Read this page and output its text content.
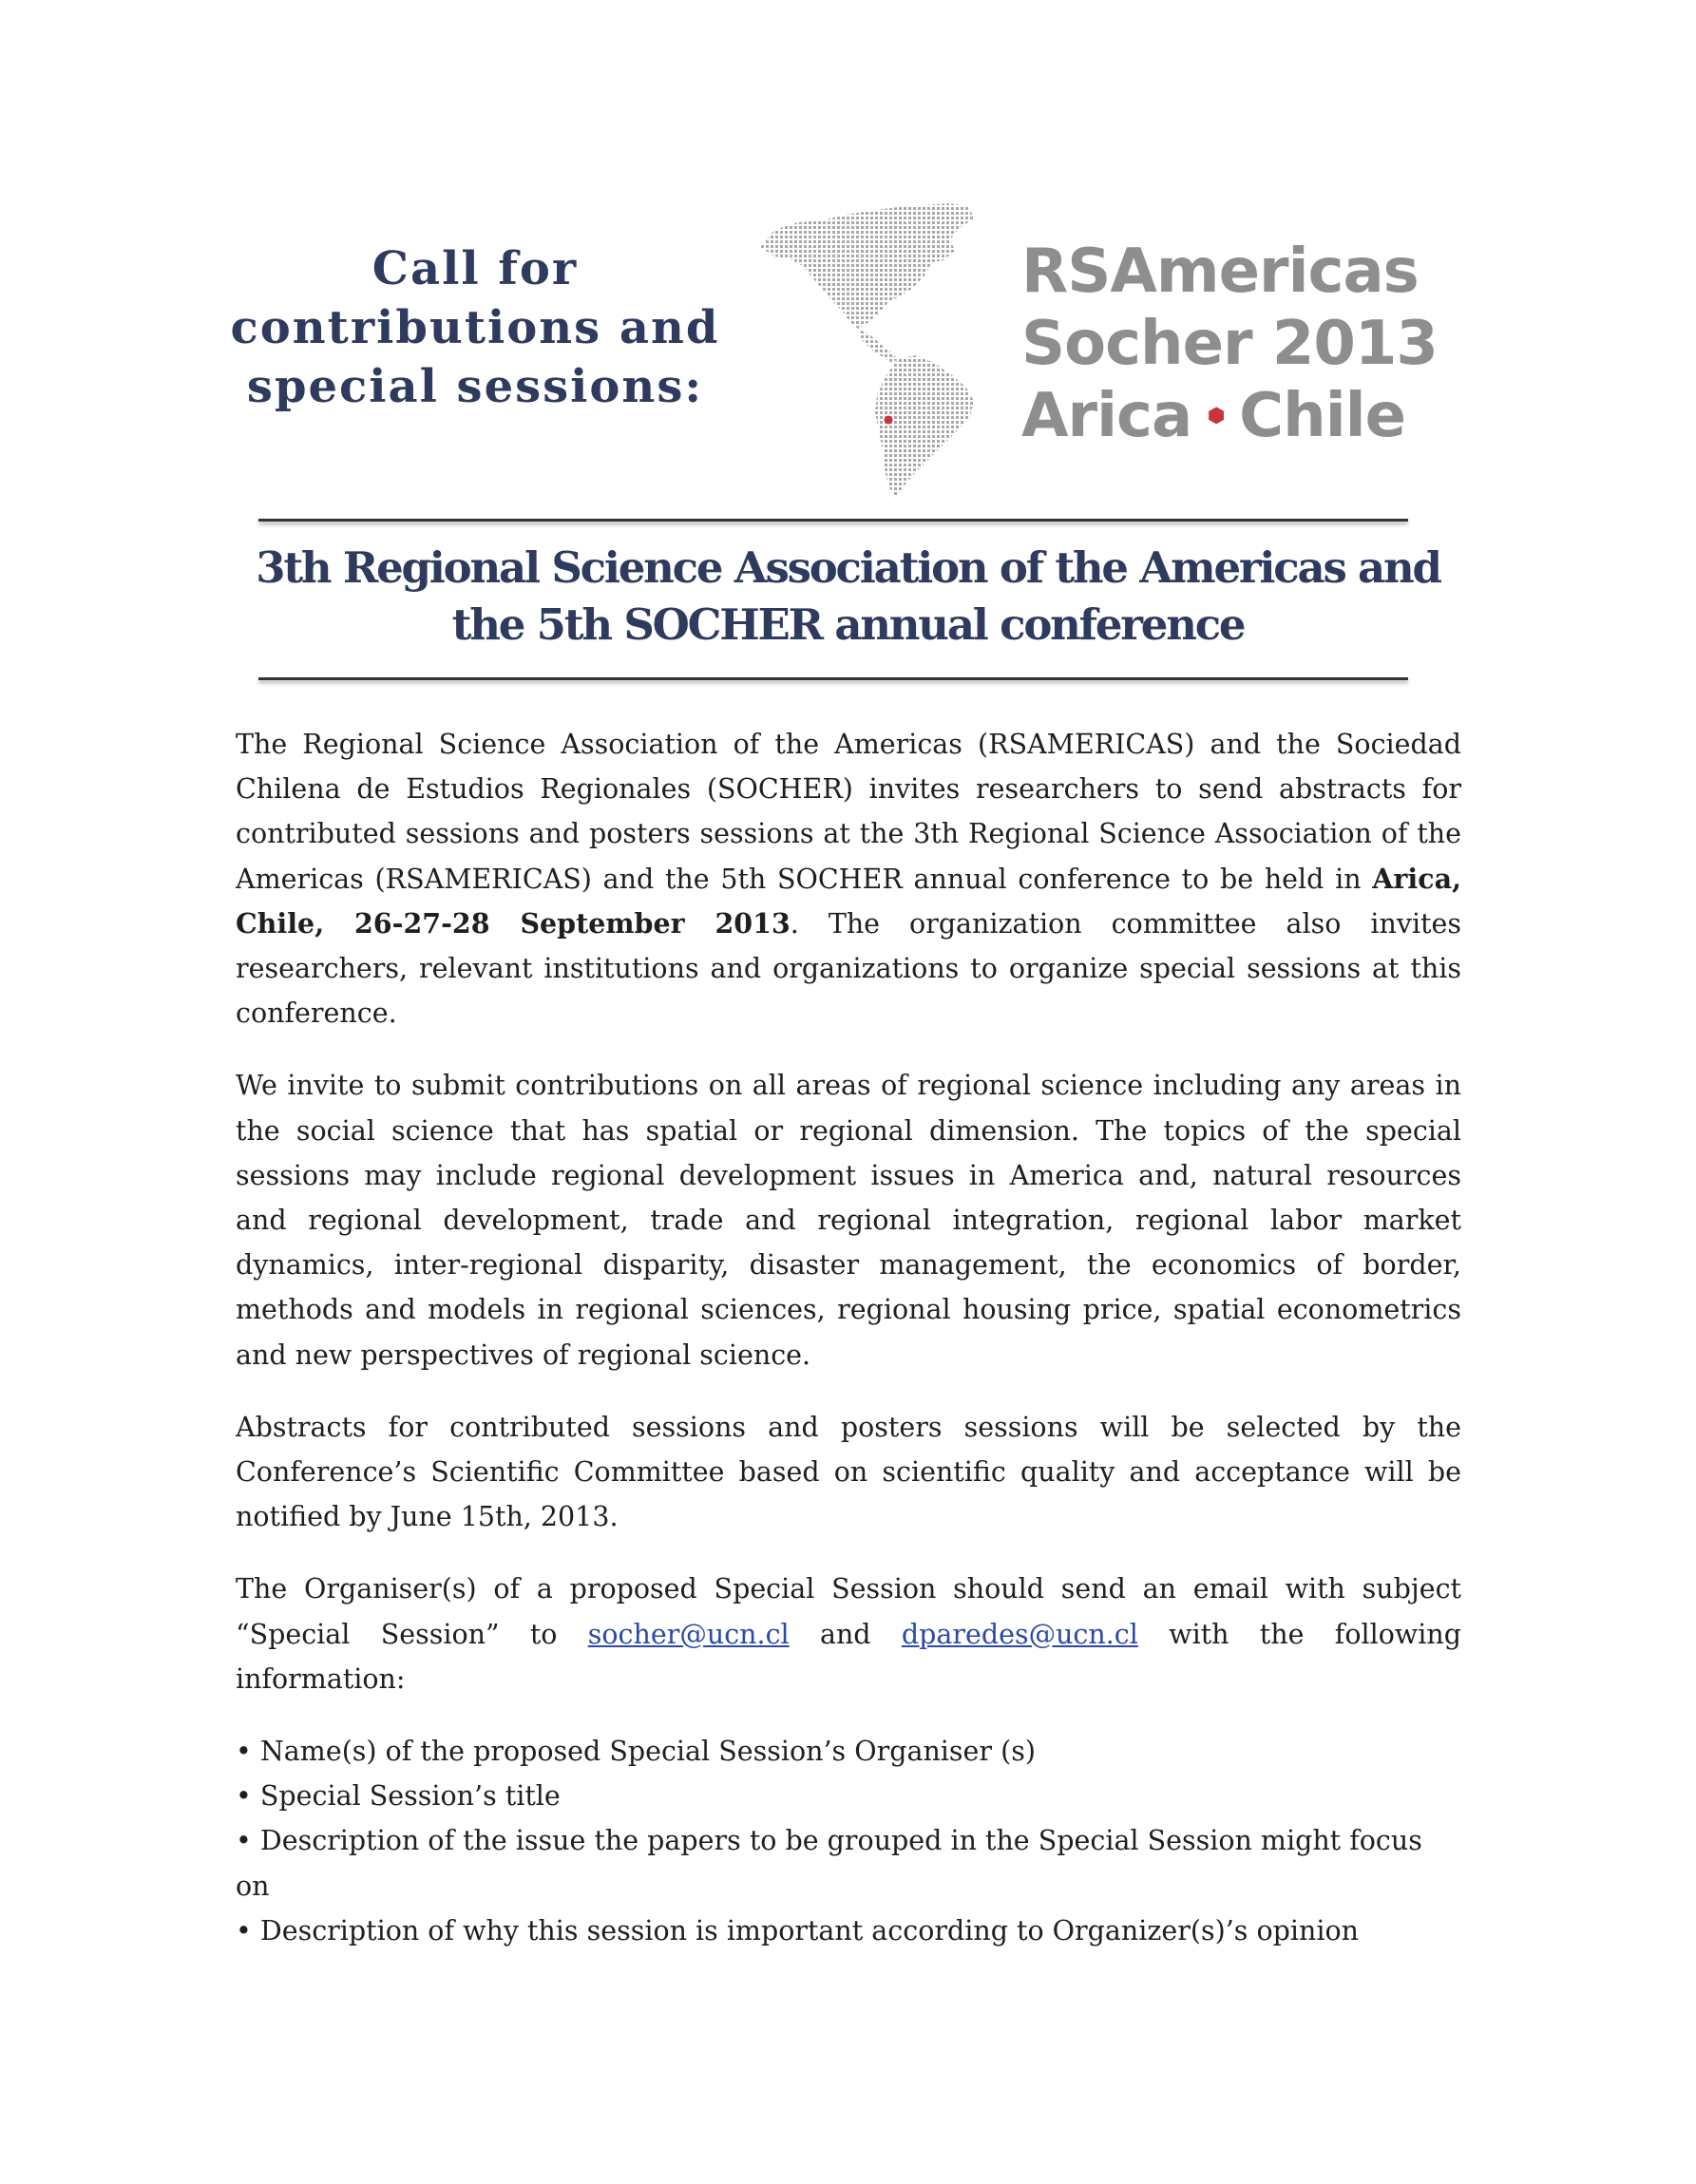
Call for
contributions and
special sessions:
RSAmericas
Socher 2013
Arica Chile
3th Regional Science Association of the Americas and
the 5th SOCHER annual conference

The Regional Science Association of the Americas (RSAMERICAS) and the Sociedad Chilena de Estudios Regionales (SOCHER) invites researchers to send abstracts for contributed sessions and posters sessions at the 3th Regional Science Association of the Americas (RSAMERICAS) and the 5th SOCHER annual conference to be held in Arica, Chile, 26-27-28 September 2013. The organization committee also invites researchers, relevant institutions and organizations to organize special sessions at this conference.

We invite to submit contributions on all areas of regional science including any areas in the social science that has spatial or regional dimension. The topics of the special sessions may include regional development issues in America and, natural resources and regional development, trade and regional integration, regional labor market dynamics, inter-regional disparity, disaster management, the economics of border, methods and models in regional sciences, regional housing price, spatial econometrics and new perspectives of regional science.

Abstracts for contributed sessions and posters sessions will be selected by the Conference’s Scientific Committee based on scientific quality and acceptance will be notified by June 15th, 2013.

The Organiser(s) of a proposed Special Session should send an email with subject “Special Session” to socher@ucn.cl and dparedes@ucn.cl with the following information:

• Name(s) of the proposed Special Session’s Organiser (s)
• Special Session’s title
• Description of the issue the papers to be grouped in the Special Session might focus on
• Description of why this session is important according to Organizer(s)’s opinion
